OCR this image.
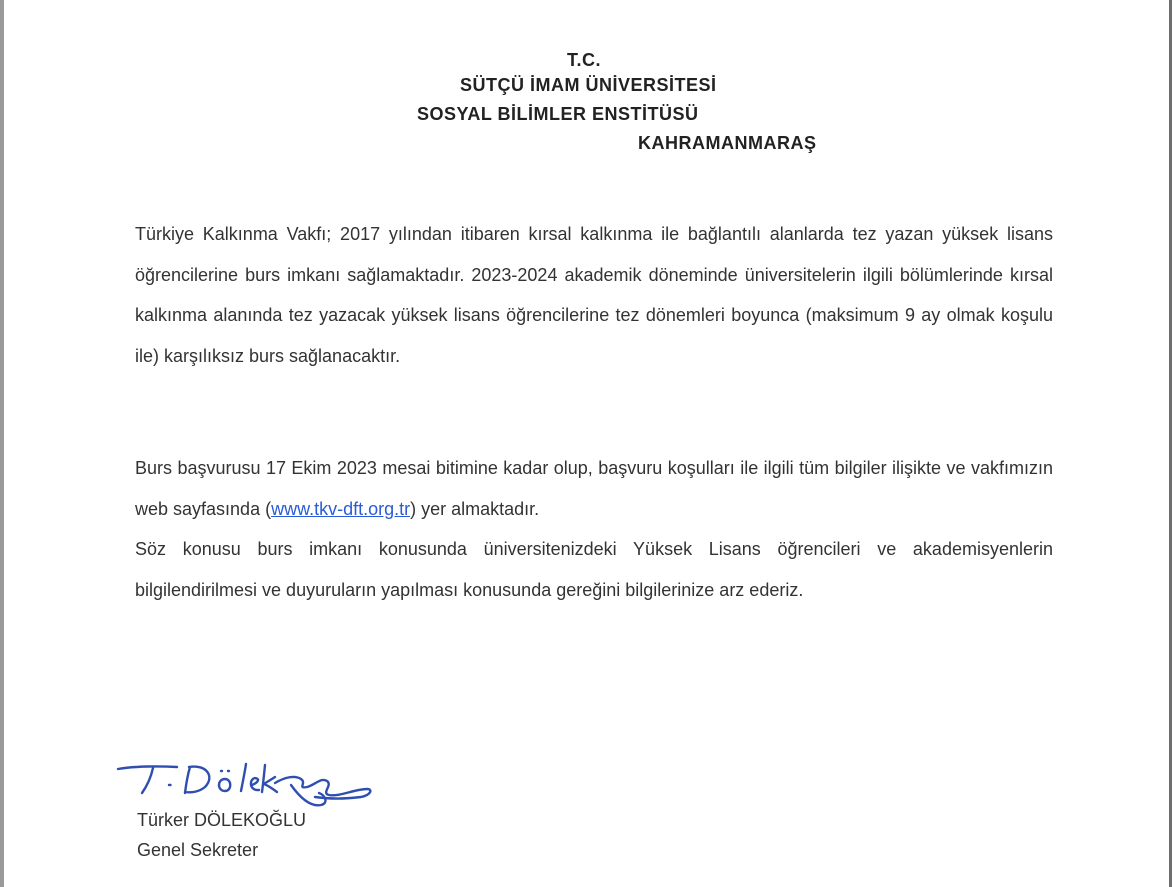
T.C.
SÜTÇÜ İMAM ÜNİVERSİTESİ
SOSYAL BİLİMLER ENSTİTÜSÜ
KAHRAMANMARAŞ
Türkiye Kalkınma Vakfı; 2017 yılından itibaren kırsal kalkınma ile bağlantılı alanlarda tez yazan yüksek lisans öğrencilerine burs imkanı sağlamaktadır. 2023-2024 akademik döneminde üniversitelerin ilgili bölümlerinde kırsal kalkınma alanında tez yazacak yüksek lisans öğrencilerine tez dönemleri boyunca (maksimum 9 ay olmak koşulu ile) karşılıksız burs sağlanacaktır.
Burs başvurusu 17 Ekim 2023 mesai bitimine kadar olup, başvuru koşulları ile ilgili tüm bilgiler ilişikte ve vakfımızın web sayfasında (www.tkv-dft.org.tr) yer almaktadır.
Söz konusu burs imkanı konusunda üniversitenizdeki Yüksek Lisans öğrencileri ve akademisyenlerin bilgilendirilmesi ve duyuruların yapılması konusunda gereğini bilgilerinize arz ederiz.
Türker DÖLEKOĞLU
Genel Sekreter
